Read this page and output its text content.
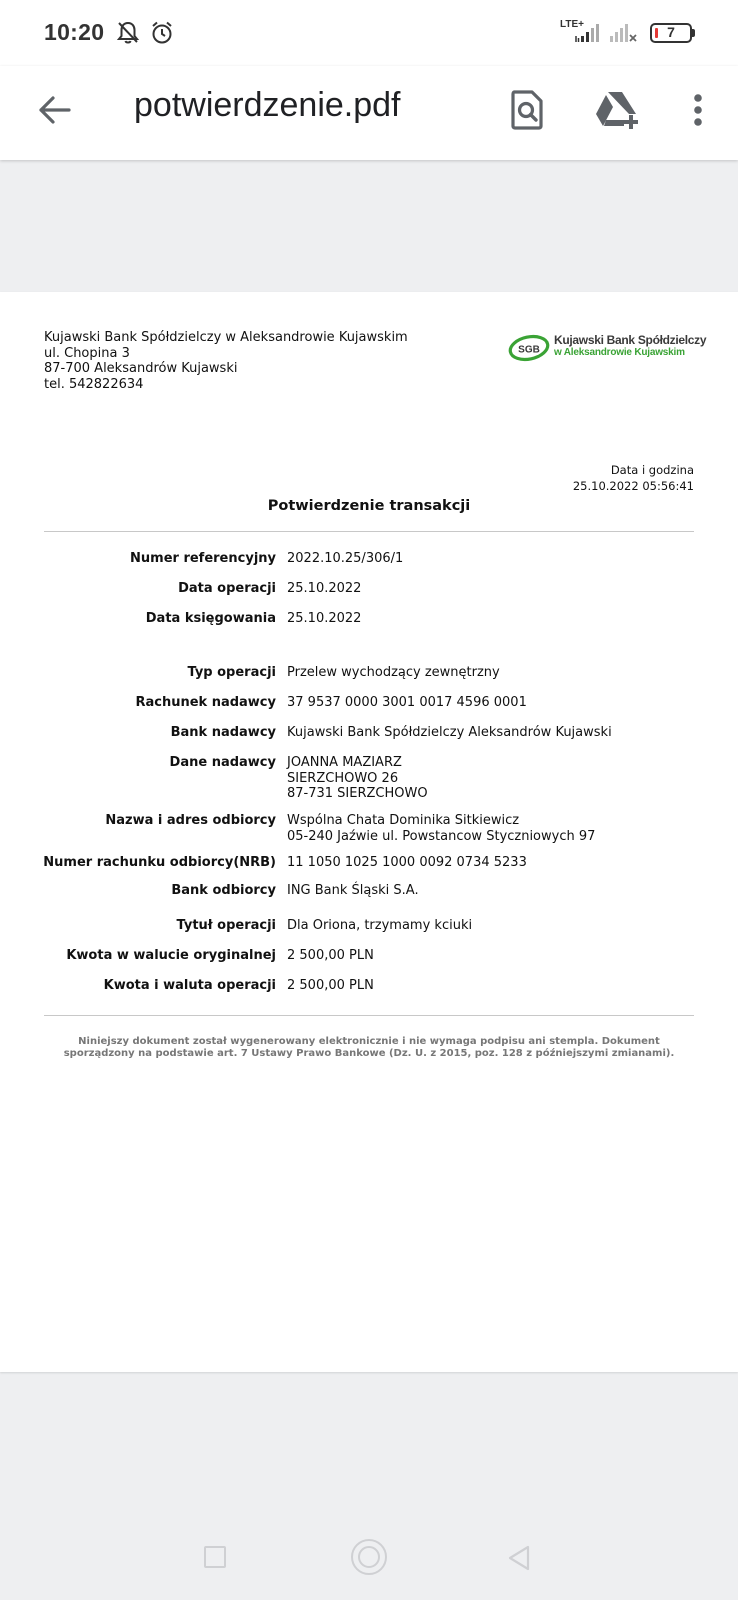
10:20	LTE+	7
potwierdzenie.pdf
Kujawski Bank Spółdzielczy w Aleksandrowie Kujawskim
ul. Chopina 3
87-700 Aleksandrów Kujawski
tel. 542822634
SGB
Kujawski Bank Spółdzielczy
w Aleksandrowie Kujawskim
Data i godzina
25.10.2022 05:56:41
Potwierdzenie transakcji
Numer referencyjny 2022.10.25/306/1
Data operacji 25.10.2022
Data księgowania 25.10.2022
Typ operacji Przelew wychodzący zewnętrzny
Rachunek nadawcy 37 9537 0000 3001 0017 4596 0001
Bank nadawcy Kujawski Bank Spółdzielczy Aleksandrów Kujawski
Dane nadawcy JOANNA MAZIARZ
SIERZCHOWO 26
87-731 SIERZCHOWO
Nazwa i adres odbiorcy Wspólna Chata Dominika Sitkiewicz
05-240 Jaźwie ul. Powstancow Styczniowych 97
Numer rachunku odbiorcy(NRB) 11 1050 1025 1000 0092 0734 5233
Bank odbiorcy ING Bank Śląski S.A.
Tytuł operacji Dla Oriona, trzymamy kciuki
Kwota w walucie oryginalnej 2 500,00 PLN
Kwota i waluta operacji 2 500,00 PLN
Niniejszy dokument został wygenerowany elektronicznie i nie wymaga podpisu ani stempla. Dokument sporządzony na podstawie art. 7 Ustawy Prawo Bankowe (Dz. U. z 2015, poz. 128 z późniejszymi zmianami).
